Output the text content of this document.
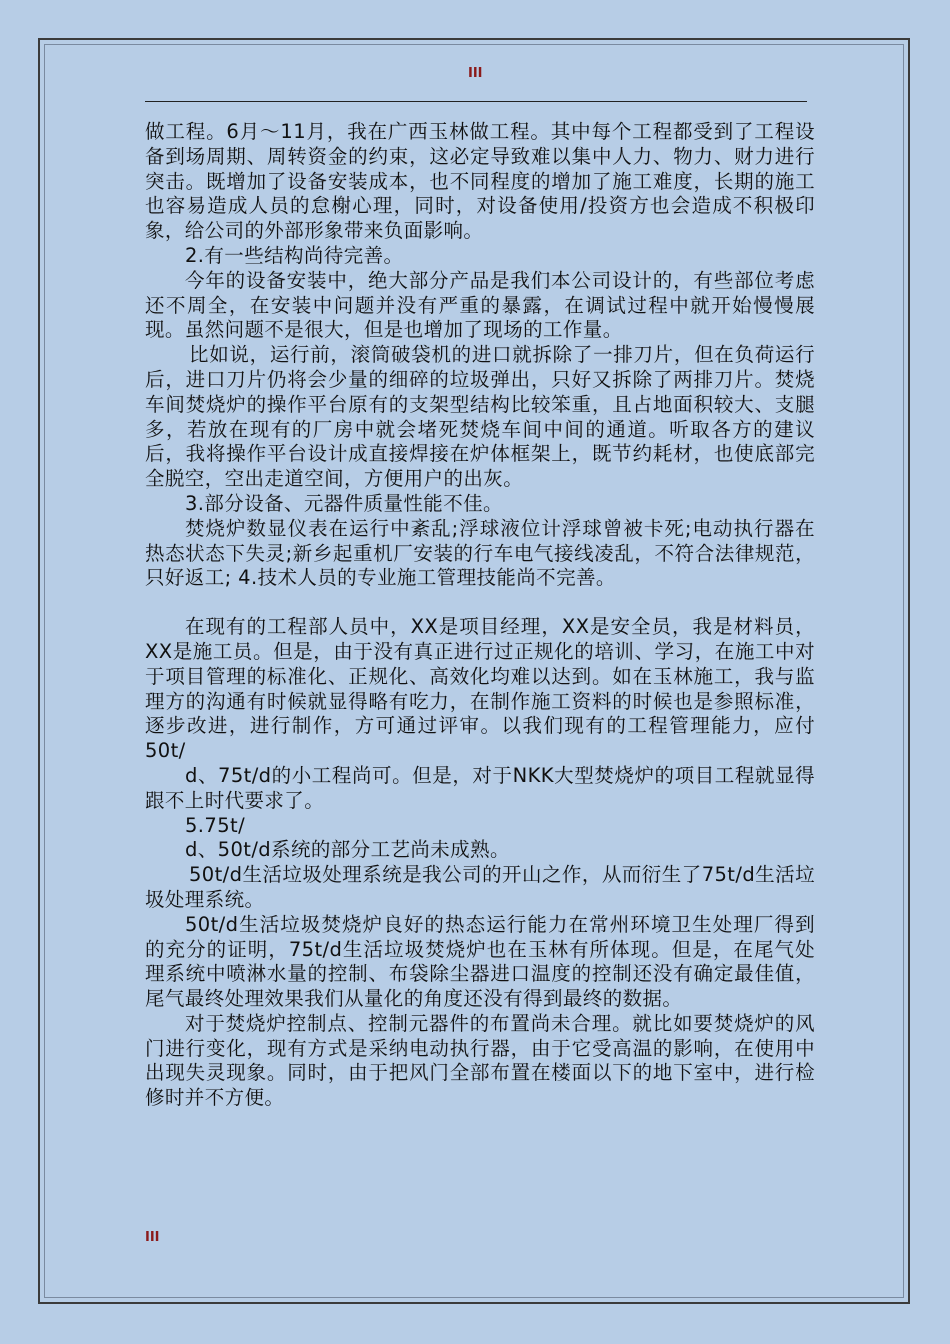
III

做工程。6月～11月，我在广西玉林做工程。其中每个工程都受到了工程设备到场周期、周转资金的约束，这必定导致难以集中人力、物力、财力进行突击。既增加了设备安装成本，也不同程度的增加了施工难度，长期的施工也容易造成人员的怠榭心理，同时，对设备使用/投资方也会造成不积极印象，给公司的外部形象带来负面影响。

2.有一些结构尚待完善。

今年的设备安装中，绝大部分产品是我们本公司设计的，有些部位考虑还不周全，在安装中问题并没有严重的暴露，在调试过程中就开始慢慢展现。虽然问题不是很大，但是也增加了现场的工作量。

比如说，运行前，滚筒破袋机的进口就拆除了一排刀片，但在负荷运行后，进口刀片仍将会少量的细碎的垃圾弹出，只好又拆除了两排刀片。焚烧车间焚烧炉的操作平台原有的支架型结构比较笨重，且占地面积较大、支腿多，若放在现有的厂房中就会堵死焚烧车间中间的通道。听取各方的建议后，我将操作平台设计成直接焊接在炉体框架上，既节约耗材，也使底部完全脱空，空出走道空间，方便用户的出灰。

3.部分设备、元器件质量性能不佳。

焚烧炉数显仪表在运行中紊乱;浮球液位计浮球曾被卡死;电动执行器在热态状态下失灵;新乡起重机厂安装的行车电气接线凌乱，不符合法律规范，只好返工; 4.技术人员的专业施工管理技能尚不完善。

在现有的工程部人员中，XX是项目经理，XX是安全员，我是材料员，XX是施工员。但是，由于没有真正进行过正规化的培训、学习，在施工中对于项目管理的标准化、正规化、高效化均难以达到。如在玉林施工，我与监理方的沟通有时候就显得略有吃力，在制作施工资料的时候也是参照标准，逐步改进，进行制作，方可通过评审。以我们现有的工程管理能力，应付50t/

d、75t/d的小工程尚可。但是，对于NKK大型焚烧炉的项目工程就显得跟不上时代要求了。

5.75t/

d、50t/d系统的部分工艺尚未成熟。

50t/d生活垃圾处理系统是我公司的开山之作，从而衍生了75t/d生活垃圾处理系统。

50t/d生活垃圾焚烧炉良好的热态运行能力在常州环境卫生处理厂得到的充分的证明，75t/d生活垃圾焚烧炉也在玉林有所体现。但是，在尾气处理系统中喷淋水量的控制、布袋除尘器进口温度的控制还没有确定最佳值，尾气最终处理效果我们从量化的角度还没有得到最终的数据。

对于焚烧炉控制点、控制元器件的布置尚未合理。就比如要焚烧炉的风门进行变化，现有方式是采纳电动执行器，由于它受高温的影响，在使用中出现失灵现象。同时，由于把风门全部布置在楼面以下的地下室中，进行检修时并不方便。

III
